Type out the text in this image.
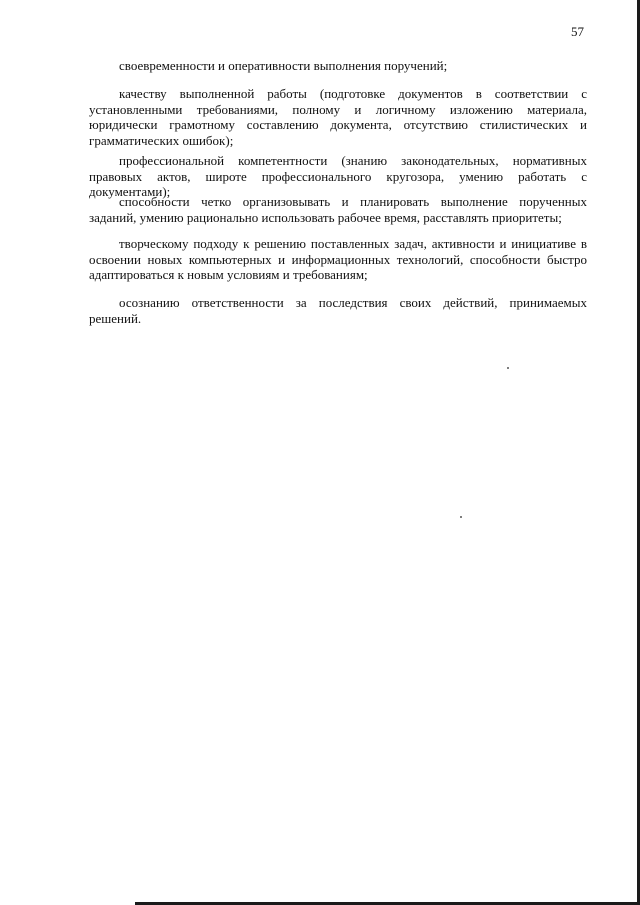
57

своевременности и оперативности выполнения поручений;

качеству выполненной работы (подготовке документов в соответствии с установленными требованиями, полному и логичному изложению материала, юридически грамотному составлению документа, отсутствию стилистических и грамматических ошибок);

профессиональной компетентности (знанию законодательных, нормативных правовых актов, широте профессионального кругозора, умению работать с документами);

способности четко организовывать и планировать выполнение порученных заданий, умению рационально использовать рабочее время, расставлять приоритеты;

творческому подходу к решению поставленных задач, активности и инициативе в освоении новых компьютерных и информационных технологий, способности быстро адаптироваться к новым условиям и требованиям;

осознанию ответственности за последствия своих действий, принимаемых решений.
